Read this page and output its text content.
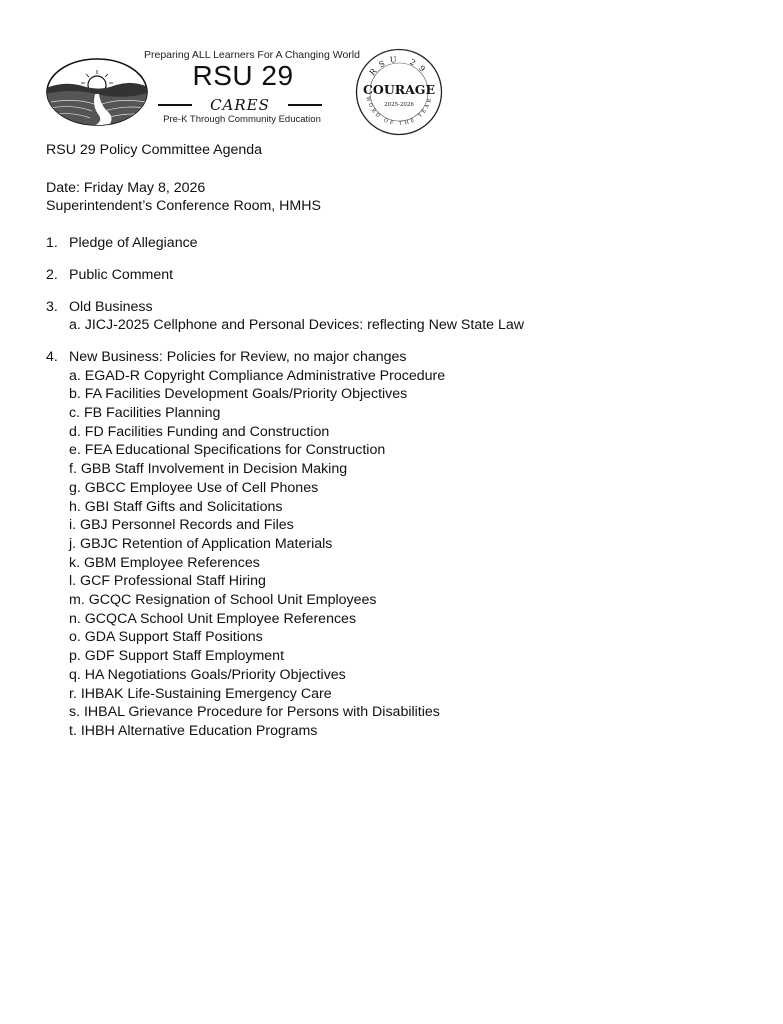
Preparing ALL Learners For A Changing World
RSU 29
CARES
Pre-K Through Community Education
RSU 29
WORD OF THE YEAR
COURAGE
2025-2026
RSU 29 Policy Committee Agenda
Date: Friday May 8, 2026
Superintendent’s Conference Room, HMHS
1. Pledge of Allegiance
2. Public Comment
3. Old Business
a. JICJ-2025 Cellphone and Personal Devices: reflecting New State Law
4. New Business: Policies for Review, no major changes
a. EGAD-R Copyright Compliance Administrative Procedure
b. FA Facilities Development Goals/Priority Objectives
c. FB Facilities Planning
d. FD Facilities Funding and Construction
e. FEA Educational Specifications for Construction
f. GBB Staff Involvement in Decision Making
g. GBCC Employee Use of Cell Phones
h. GBI Staff Gifts and Solicitations
i. GBJ Personnel Records and Files
j. GBJC Retention of Application Materials
k. GBM Employee References
l. GCF Professional Staff Hiring
m. GCQC Resignation of School Unit Employees
n. GCQCA School Unit Employee References
o. GDA Support Staff Positions
p. GDF Support Staff Employment
q. HA Negotiations Goals/Priority Objectives
r. IHBAK Life-Sustaining Emergency Care
s. IHBAL Grievance Procedure for Persons with Disabilities
t. IHBH Alternative Education Programs
